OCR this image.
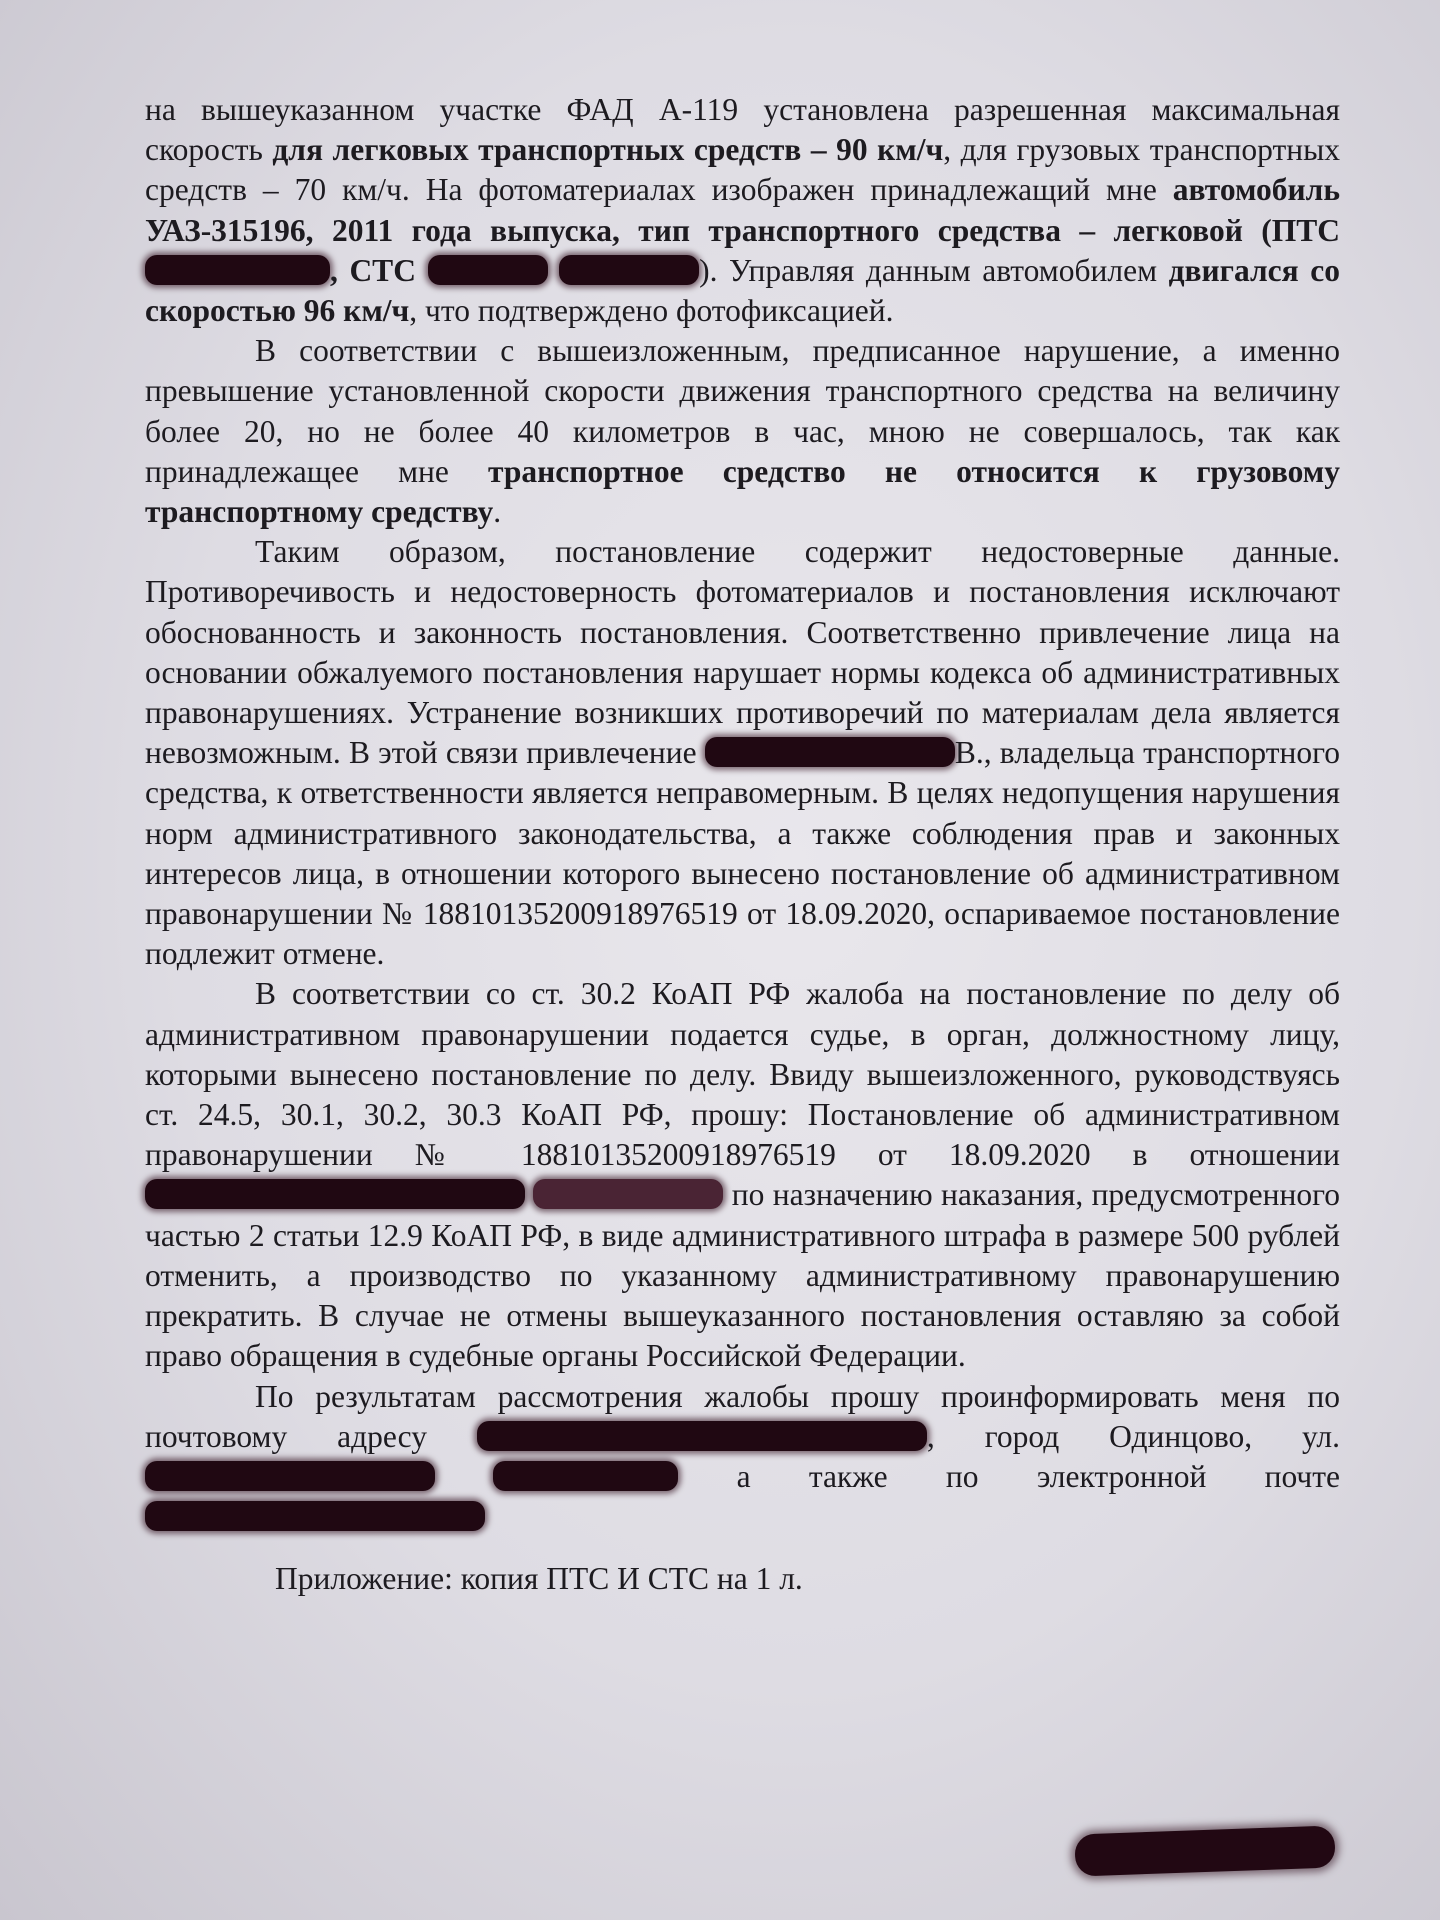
на вышеуказанном участке ФАД А-119 установлена разрешенная максимальная скорость для легковых транспортных средств – 90 км/ч, для грузовых транспортных средств – 70 км/ч. На фотоматериалах изображен принадлежащий мне автомобиль УАЗ-315196, 2011 года выпуска, тип транспортного средства – легковой (ПТС , СТС	). Управляя данным автомобилем двигался со скоростью 96 км/ч, что подтверждено фотофиксацией.

В соответствии с вышеизложенным, предписанное нарушение, а именно превышение установленной скорости движения транспортного средства на величину более 20, но не более 40 километров в час, мною не совершалось, так как принадлежащее мне транспортное средство не относится к грузовому транспортному средству.

Таким образом, постановление содержит недостоверные данные. Противоречивость и недостоверность фотоматериалов и постановления исключают обоснованность и законность постановления. Соответственно привлечение лица на основании обжалуемого постановления нарушает нормы кодекса об административных правонарушениях. Устранение возникших противоречий по материалам дела является невозможным. В этой связи привлечение	В., владельца транспортного средства, к ответственности является неправомерным. В целях недопущения нарушения норм административного законодательства, а также соблюдения прав и законных интересов лица, в отношении которого вынесено постановление об административном правонарушении № 18810135200918976519 от 18.09.2020, оспариваемое постановление подлежит отмене.

В соответствии со ст. 30.2 КоАП РФ жалоба на постановление по делу об административном правонарушении подается судье, в орган, должностному лицу, которыми вынесено постановление по делу. Ввиду вышеизложенного, руководствуясь ст. 24.5, 30.1, 30.2, 30.3 КоАП РФ, прошу: Постановление об административном правонарушении № 18810135200918976519 от 18.09.2020 в отношении   по назначению наказания, предусмотренного частью 2 статьи 12.9 КоАП РФ, в виде административного штрафа в размере 500 рублей отменить, а производство по указанному административному правонарушению прекратить. В случае не отмены вышеуказанного постановления оставляю за собой право обращения в судебные органы Российской Федерации.

По результатам рассмотрения жалобы прошу проинформировать меня по почтовому адресу	, город Одинцово, ул.   а также по электронной почте

Приложение: копия ПТС И СТС на 1 л.
